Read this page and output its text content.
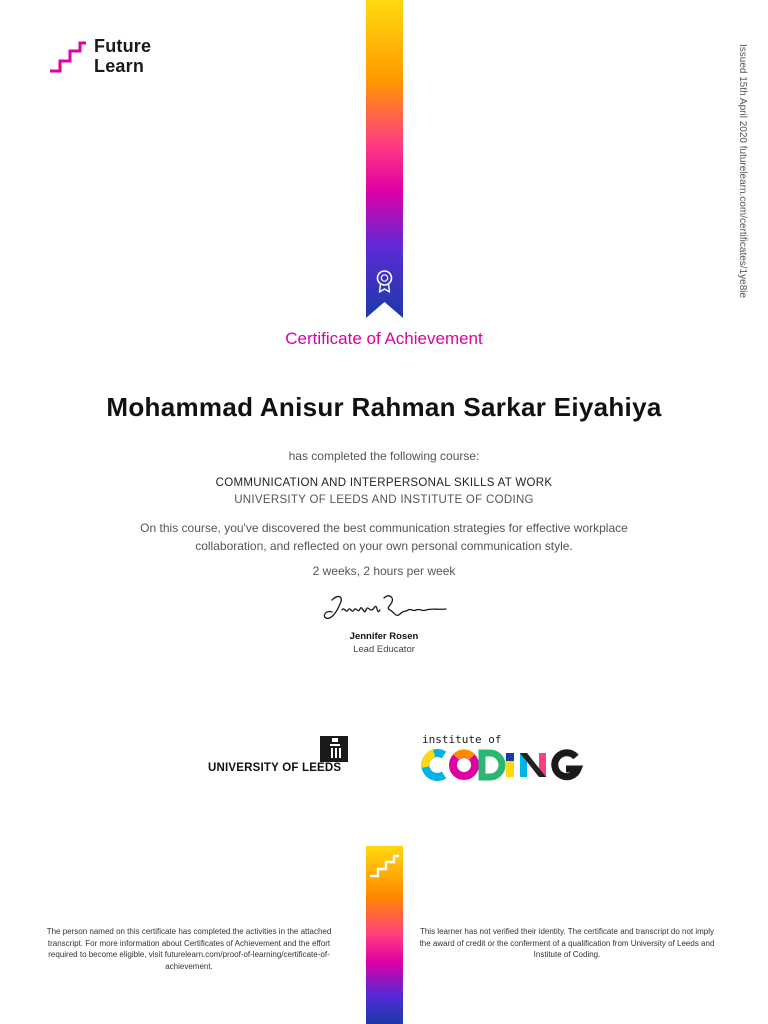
Future
Learn	Issued 15th April 2020 futurelearn.com/certificates/1ye8ie
Certificate of Achievement
Mohammad Anisur Rahman Sarkar Eiyahiya
has completed the following course:
COMMUNICATION AND INTERPERSONAL SKILLS AT WORK
UNIVERSITY OF LEEDS AND INSTITUTE OF CODING
On this course, you've discovered the best communication strategies for effective workplace collaboration, and reflected on your own personal communication style.
2 weeks, 2 hours per week
Jennifer Rosen
Lead Educator
UNIVERSITY OF LEEDS
institute of
The person named on this certificate has completed the activities in the attached transcript. For more information about Certificates of Achievement and the effort required to become eligible, visit futurelearn.com/proof-of-learning/certificate-of-achievement.
This learner has not verified their identity. The certificate and transcript do not imply the award of credit or the conferment of a qualification from University of Leeds and Institute of Coding.
